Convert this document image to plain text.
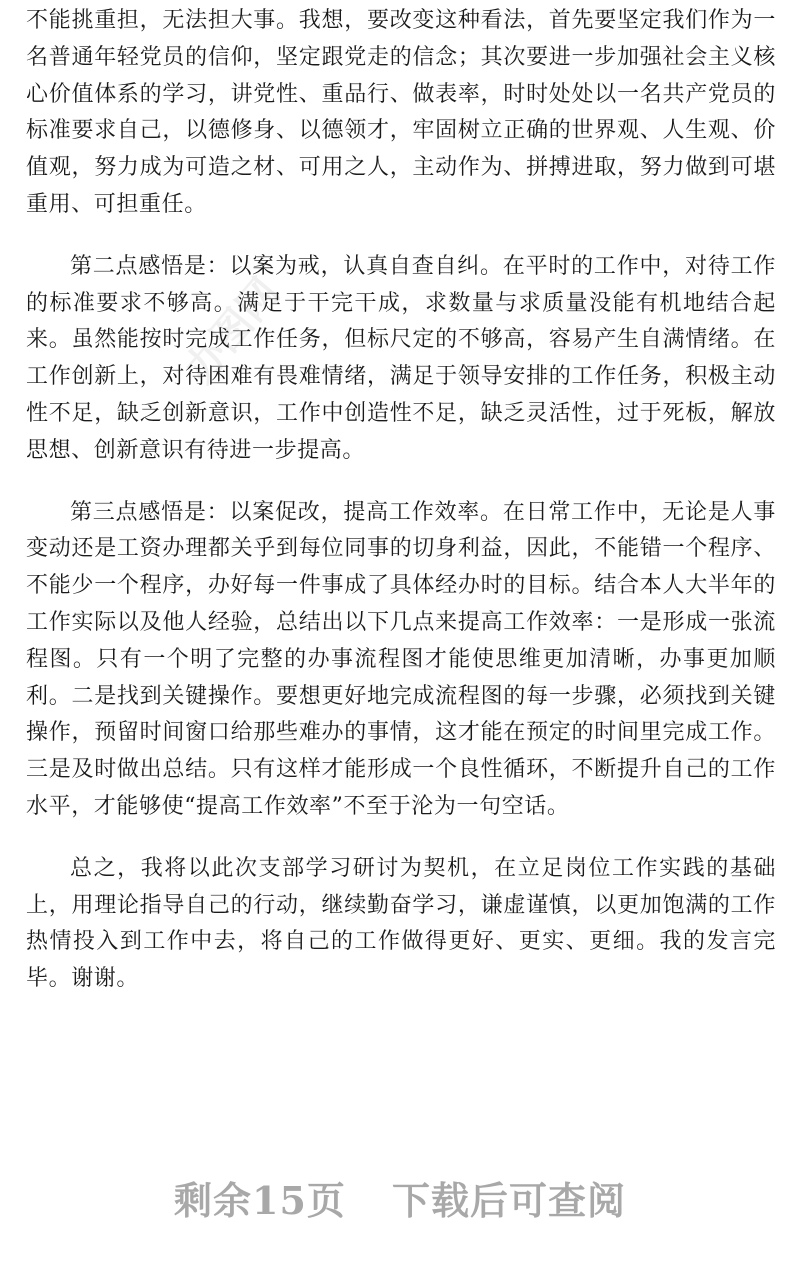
办图网

不能挑重担，无法担大事。我想，要改变这种看法，首先要坚定我们作为一名普通年轻党员的信仰，坚定跟党走的信念；其次要进一步加强社会主义核心价值体系的学习，讲党性、重品行、做表率，时时处处以一名共产党员的标准要求自己，以德修身、以德领才，牢固树立正确的世界观、人生观、价值观，努力成为可造之材、可用之人，主动作为、拼搏进取，努力做到可堪重用、可担重任。

第二点感悟是：以案为戒，认真自查自纠。在平时的工作中，对待工作的标准要求不够高。满足于干完干成，求数量与求质量没能有机地结合起来。虽然能按时完成工作任务，但标尺定的不够高，容易产生自满情绪。在工作创新上，对待困难有畏难情绪，满足于领导安排的工作任务，积极主动性不足，缺乏创新意识，工作中创造性不足，缺乏灵活性，过于死板，解放思想、创新意识有待进一步提高。

第三点感悟是：以案促改，提高工作效率。在日常工作中，无论是人事变动还是工资办理都关乎到每位同事的切身利益，因此，不能错一个程序、不能少一个程序，办好每一件事成了具体经办时的目标。结合本人大半年的工作实际以及他人经验，总结出以下几点来提高工作效率：一是形成一张流程图。只有一个明了完整的办事流程图才能使思维更加清晰，办事更加顺利。二是找到关键操作。要想更好地完成流程图的每一步骤，必须找到关键操作，预留时间窗口给那些难办的事情，这才能在预定的时间里完成工作。三是及时做出总结。只有这样才能形成一个良性循环，不断提升自己的工作水平，才能够使“提高工作效率”不至于沦为一句空话。

总之，我将以此次支部学习研讨为契机，在立足岗位工作实践的基础上，用理论指导自己的行动，继续勤奋学习，谦虚谨慎，以更加饱满的工作热情投入到工作中去，将自己的工作做得更好、更实、更细。我的发言完毕。谢谢。

剩余15页 下载后可查阅
